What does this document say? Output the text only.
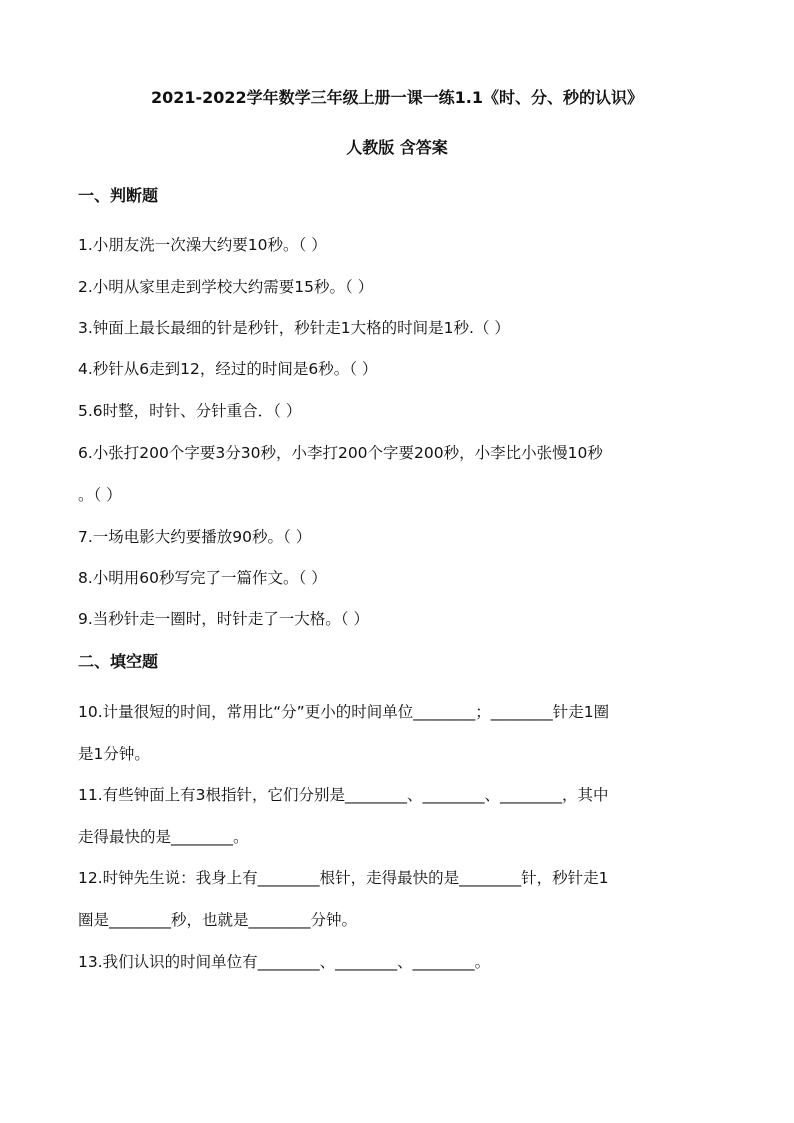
2021-2022学年数学三年级上册一课一练1.1《时、分、秒的认识》
人教版 含答案
一、判断题
1.小朋友洗一次澡大约要10秒。（ ）
2.小明从家里走到学校大约需要15秒。（ ）
3.钟面上最长最细的针是秒针，秒针走1大格的时间是1秒.（ ）
4.秒针从6走到12，经过的时间是6秒。（ ）
5.6时整，时针、分针重合．（ ）
6.小张打200个字要3分30秒，小李打200个字要200秒，小李比小张慢10秒
。（ ）
7.一场电影大约要播放90秒。（ ）
8.小明用60秒写完了一篇作文。（ ）
9.当秒针走一圈时，时针走了一大格。（ ）
二、填空题
10.计量很短的时间，常用比“分”更小的时间单位________；________针走1圈
是1分钟。
11.有些钟面上有3根指针，它们分别是________、________、________，其中
走得最快的是________。
12.时钟先生说：我身上有________根针，走得最快的是________针，秒针走1
圈是________秒，也就是________分钟。
13.我们认识的时间单位有________、________、________。
